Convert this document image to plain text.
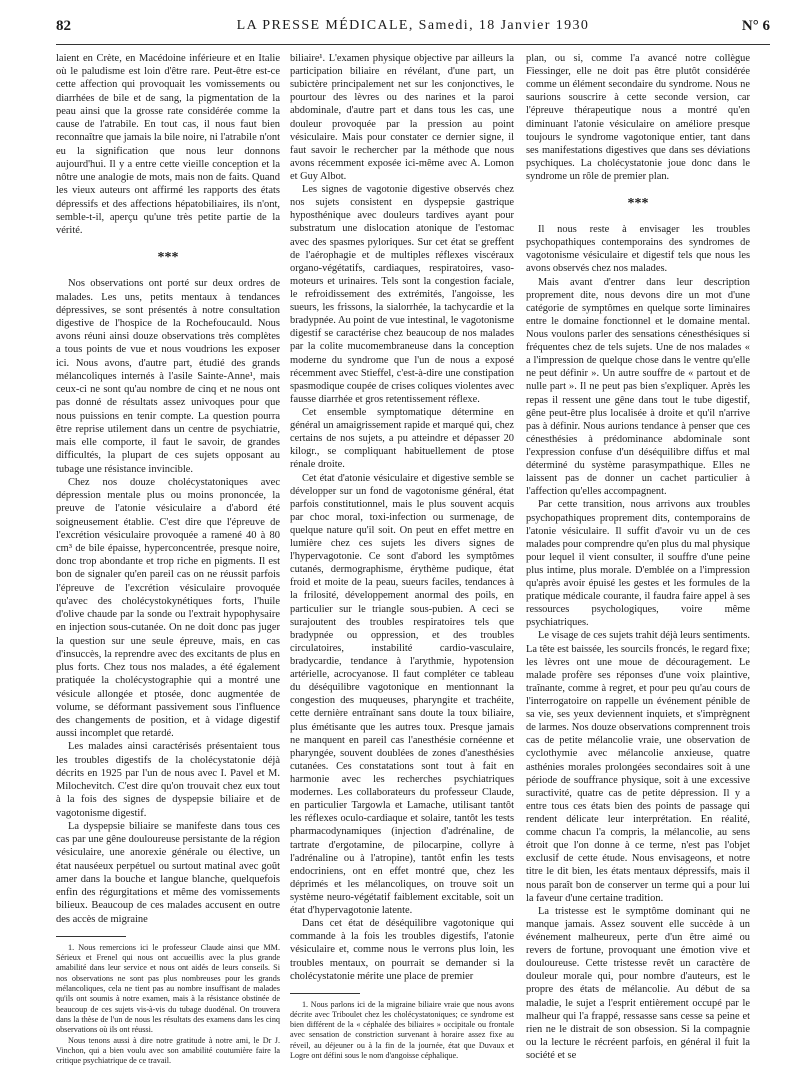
82	LA PRESSE MÉDICALE, Samedi, 18 Janvier 1930	N° 6

laient en Crète, en Macédoine inférieure et en Italie où le paludisme est loin d'être rare. Peut-être est-ce cette affection qui provoquait les vomissements ou diarrhées de bile et de sang, la pigmentation de la peau ainsi que la grosse rate considérée comme la cause de l'atrabile. En tout cas, il nous faut bien reconnaître que jamais la bile noire, ni l'atrabile n'ont eu la signification que nous leur donnons aujourd'hui. Il y a entre cette vieille conception et la nôtre une analogie de mots, mais non de faits. Quand les vieux auteurs ont affirmé les rapports des états dépressifs et des affections hépatobiliaires, ils n'ont, semble-t-il, aperçu qu'une très petite partie de la vérité.

***

Nos observations ont porté sur deux ordres de malades. Les uns, petits mentaux à tendances dépressives, se sont présentés à notre consultation digestive de l'hospice de la Rochefoucauld. Nous avons réuni ainsi douze observations très complètes a tous points de vue et nous voudrions les exposer ici. Nous avons, d'autre part, étudié des grands mélancoliques internés à l'asile Sainte-Anne¹, mais ceux-ci ne sont qu'au nombre de cinq et ne nous ont pas donné de résultats assez univoques pour que nous puissions en tenir compte. La question pourra être reprise utilement dans un centre de psychiatrie, mais elle comporte, il faut le savoir, de grandes difficultés, la plupart de ces sujets opposant au tubage une résistance invincible.

Chez nos douze cholécystatoniques avec dépression mentale plus ou moins prononcée, la preuve de l'atonie vésiculaire a d'abord été soigneusement établie. C'est dire que l'épreuve de l'excrétion vésiculaire provoquée a ramené 40 à 80 cm³ de bile épaisse, hyperconcentrée, presque noire, donc trop abondante et trop riche en pigments. Il est bon de signaler qu'en pareil cas on ne réussit parfois l'épreuve de l'excrétion vésiculaire provoquée qu'avec des cholécystokynétiques forts, l'huile d'olive chaude par la sonde ou l'extrait hypophysaire en injection sous-cutanée. On ne doit donc pas juger la question sur une seule épreuve, mais, en cas d'insuccès, la reprendre avec des excitants de plus en plus forts. Chez tous nos malades, a été également pratiquée la cholécystographie qui a montré une vésicule allongée et ptosée, donc augmentée de volume, se déformant passivement sous l'influence des changements de position, et à vidage digestif aussi incomplet que retardé.

Les malades ainsi caractérisés présentaient tous les troubles digestifs de la cholécystatonie déjà décrits en 1925 par l'un de nous avec I. Pavel et M. Milochevitch. C'est dire qu'on trouvait chez eux tout à la fois des signes de dyspepsie biliaire et de vagotonisme digestif.

La dyspepsie biliaire se manifeste dans tous ces cas par une gêne douloureuse persistante de la région vésiculaire, une anorexie générale ou élective, un état nauséeux perpétuel ou surtout matinal avec goût amer dans la bouche et langue blanche, quelquefois enfin des régurgitations et même des vomissements bilieux. Beaucoup de ces malades accusent en outre des accès de migraine

1. Nous remercions ici le professeur Claude ainsi que MM. Sérieux et Frenel qui nous ont accueillis avec la plus grande amabilité dans leur service et nous ont aidés de leurs conseils. Si nos observations ne sont pas plus nombreuses pour les grands mélancoliques, cela ne tient pas au nombre insuffisant de malades qu'ils ont soumis à notre examen, mais à la résistance obstinée de beaucoup de ces sujets vis-à-vis du tubage duodénal. On trouvera dans la thèse de l'un de nous les résultats des examens dans les cinq observations où ils ont réussi.

Nous tenons aussi à dire notre gratitude à notre ami, le Dr J. Vinchon, qui a bien voulu avec son amabilité coutumière faire la critique psychiatrique de ce travail.

biliaire¹. L'examen physique objective par ailleurs la participation biliaire en révélant, d'une part, un subictère principalement net sur les conjonctives, le pourtour des lèvres ou des narines et la paroi abdominale, d'autre part et dans tous les cas, une douleur provoquée par la pression au point vésiculaire. Mais pour constater ce dernier signe, il faut savoir le rechercher par la méthode que nous avons récemment exposée ici-même avec A. Lomon et Guy Albot.

Les signes de vagotonie digestive observés chez nos sujets consistent en dyspepsie gastrique hyposthénique avec douleurs tardives ayant pour substratum une dislocation atonique de l'estomac avec des spasmes pyloriques. Sur cet état se greffent de l'aérophagie et de multiples réflexes viscéraux organo-végétatifs, cardiaques, respiratoires, vaso-moteurs et urinaires. Tels sont la congestion faciale, le refroidissement des extrémités, l'angoisse, les sueurs, les frissons, la sialorrhée, la tachycardie et la bradypnée. Au point de vue intestinal, le vagotonisme digestif se caractérise chez beaucoup de nos malades par la colite mucomembraneuse dans la conception moderne du syndrome que l'un de nous a exposé récemment avec Stieffel, c'est-à-dire une constipation spasmodique coupée de crises coliques violentes avec fausse diarrhée et gros retentissement réflexe.

Cet ensemble symptomatique détermine en général un amaigrissement rapide et marqué qui, chez certains de nos sujets, a pu atteindre et dépasser 20 kilogr., se compliquant habituellement de ptose rénale droite.

Cet état d'atonie vésiculaire et digestive semble se développer sur un fond de vagotonisme général, état parfois constitutionnel, mais le plus souvent acquis par choc moral, toxi-infection ou surmenage, de quelque nature qu'il soit. On peut en effet mettre en lumière chez ces sujets les divers signes de l'hypervagotonie. Ce sont d'abord les symptômes cutanés, dermographisme, érythème pudique, état froid et moite de la peau, sueurs faciles, tendances à la frilosité, développement anormal des poils, en particulier sur le triangle sous-pubien. A ceci se surajoutent des troubles respiratoires tels que bradypnée ou oppression, et des troubles circulatoires, instabilité cardio-vasculaire, bradycardie, tendance à l'arythmie, hypotension artérielle, acrocyanose. Il faut compléter ce tableau du déséquilibre vagotonique en mentionnant la congestion des muqueuses, pharyngite et trachéite, cette dernière entraînant sans doute la toux biliaire, plus émétisante que les autres toux. Presque jamais ne manquent en pareil cas l'anesthésie cornéenne et pharyngée, souvent doublées de zones d'anesthésies cutanées. Ces constatations sont tout à fait en harmonie avec les recherches psychiatriques modernes. Les collaborateurs du professeur Claude, en particulier Targowla et Lamache, utilisant tantôt les réflexes oculo-cardiaque et solaire, tantôt les tests pharmacodynamiques (injection d'adrénaline, de tartrate d'ergotamine, de pilocarpine, collyre à l'adrénaline ou à l'atropine), tantôt enfin les tests endocriniens, ont en effet montré que, chez les déprimés et les mélancoliques, on trouve soit un système neuro-végétatif faiblement excitable, soit un état d'hypervagotonie latente.

Dans cet état de déséquilibre vagotonique qui commande à la fois les troubles digestifs, l'atonie vésiculaire et, comme nous le verrons plus loin, les troubles mentaux, on pourrait se demander si la cholécystatonie mérite une place de premier

1. Nous parlons ici de la migraine biliaire vraie que nous avons décrite avec Triboulet chez les cholécystatoniques; ce syndrome est bien différent de la « céphalée des biliaires » occipitale ou frontale avec sensation de constriction survenant à horaire assez fixe au réveil, au déjeuner ou à la fin de la journée, état que Duvaux et Logre ont défini sous le nom d'angoisse céphalique.

plan, ou si, comme l'a avancé notre collègue Fiessinger, elle ne doit pas être plutôt considérée comme un élément secondaire du syndrome. Nous ne saurions souscrire à cette seconde version, car l'épreuve thérapeutique nous a montré qu'en diminuant l'atonie vésiculaire on améliore presque toujours le syndrome vagotonique entier, tant dans ses manifestations digestives que dans ses déviations psychiques. La cholécystatonie joue donc dans le syndrome un rôle de premier plan.

***

Il nous reste à envisager les troubles psychopathiques contemporains des syndromes de vagotonisme vésiculaire et digestif tels que nous les avons observés chez nos malades.

Mais avant d'entrer dans leur description proprement dite, nous devons dire un mot d'une catégorie de symptômes en quelque sorte liminaires entre le domaine fonctionnel et le domaine mental. Nous voulons parler des sensations cénesthésiques si fréquentes chez de tels sujets. Une de nos malades « a l'impression de quelque chose dans le ventre qu'elle ne peut définir ». Un autre souffre de « partout et de nulle part ». Il ne peut pas bien s'expliquer. Après les repas il ressent une gêne dans tout le tube digestif, gêne peut-être plus localisée à droite et qu'il n'arrive pas à définir. Nous aurions tendance à penser que ces cénesthésies à prédominance abdominale sont l'expression confuse d'un déséquilibre diffus et mal déterminé du système parasympathique. Elles ne laissent pas de donner un cachet particulier à l'affection qu'elles accompagnent.

Par cette transition, nous arrivons aux troubles psychopathiques proprement dits, contemporains de l'atonie vésiculaire. Il suffit d'avoir vu un de ces malades pour comprendre qu'en plus du mal physique pour lequel il vient consulter, il souffre d'une peine plus intime, plus morale. D'emblée on a l'impression qu'après avoir épuisé les gestes et les formules de la pratique médicale courante, il faudra faire appel à ses ressources psychologiques, voire même psychiatriques.

Le visage de ces sujets trahit déjà leurs sentiments. La tête est baissée, les sourcils froncés, le regard fixe; les lèvres ont une moue de découragement. Le malade profère ses réponses d'une voix plaintive, traînante, comme à regret, et pour peu qu'au cours de l'interrogatoire on rappelle un événement pénible de sa vie, ses yeux deviennent inquiets, et s'imprègnent de larmes. Nos douze observations comprennent trois cas de petite mélancolie vraie, une observation de cyclothymie avec mélancolie anxieuse, quatre asthénies morales prolongées secondaires soit à une période de souffrance physique, soit à une excessive suractivité, quatre cas de petite dépression. Il y a entre tous ces états bien des points de passage qui rendent délicate leur interprétation. En réalité, comme chacun l'a compris, la mélancolie, au sens étroit que l'on donne à ce terme, n'est pas l'objet exclusif de cette étude. Nous envisageons, et notre titre le dit bien, les états mentaux dépressifs, mais il nous paraît bon de conserver un terme qui a pour lui la faveur d'une certaine tradition.

La tristesse est le symptôme dominant qui ne manque jamais. Assez souvent elle succède à un événement malheureux, perte d'un être aimé ou revers de fortune, provoquant une émotion vive et douloureuse. Cette tristesse revêt un caractère de douleur morale qui, pour nombre d'auteurs, est le propre des états de mélancolie. Au début de sa maladie, le sujet a l'esprit entièrement occupé par le malheur qui l'a frappé, ressasse sans cesse sa peine et rien ne le distrait de son obsession. Si la compagnie ou la lecture le récréent parfois, en général il fuit la société et se
